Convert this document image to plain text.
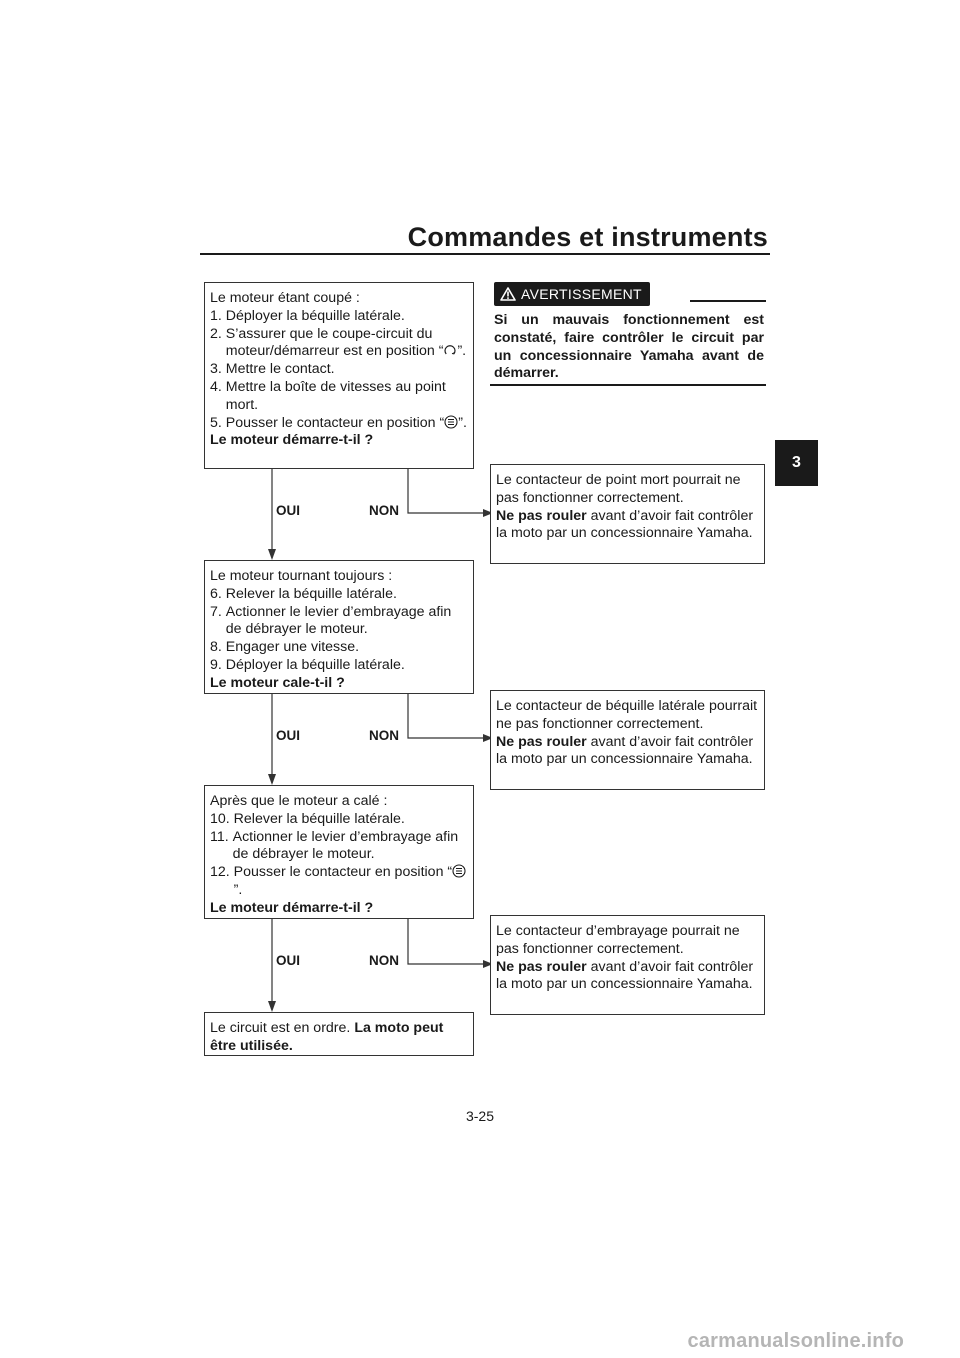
Commandes et instruments
3
AVERTISSEMENT
Si un mauvais fonctionnement est constaté, faire contrôler le circuit par un concessionnaire Yamaha avant de démarrer.

Le moteur étant coupé :

1. Déployer la béquille latérale.
2. S’assurer que le coupe-circuit du moteur/démarreur est en position “ ”.
3. Mettre le contact.
4. Mettre la boîte de vitesses au point mort.
5. Pousser le contacteur en position “ ”.

Le moteur démarre-t-il ?

Le contacteur de point mort pourrait ne pas fonctionner correctement.

Ne pas rouler avant d’avoir fait contrôler la moto par un concessionnaire Yamaha.

OUI	NON

Le moteur tournant toujours :

6. Relever la béquille latérale.
7. Actionner le levier d’embrayage afin de débrayer le moteur.
8. Engager une vitesse.
9. Déployer la béquille latérale.

Le moteur cale-t-il ?

Le contacteur de béquille latérale pourrait ne pas fonctionner correctement.

Ne pas rouler avant d’avoir fait contrôler la moto par un concessionnaire Yamaha.

OUI	NON

Après que le moteur a calé :

10. Relever la béquille latérale.
11. Actionner le levier d’embrayage afin de débrayer le moteur.
12. Pousser le contacteur en position “”.

Le moteur démarre-t-il ?

Le contacteur d’embrayage pourrait ne pas fonctionner correctement.

Ne pas rouler avant d’avoir fait contrôler la moto par un concessionnaire Yamaha.

OUI	NON

Le circuit est en ordre. La moto peut être utilisée.

3-25
carmanualsonline.info
